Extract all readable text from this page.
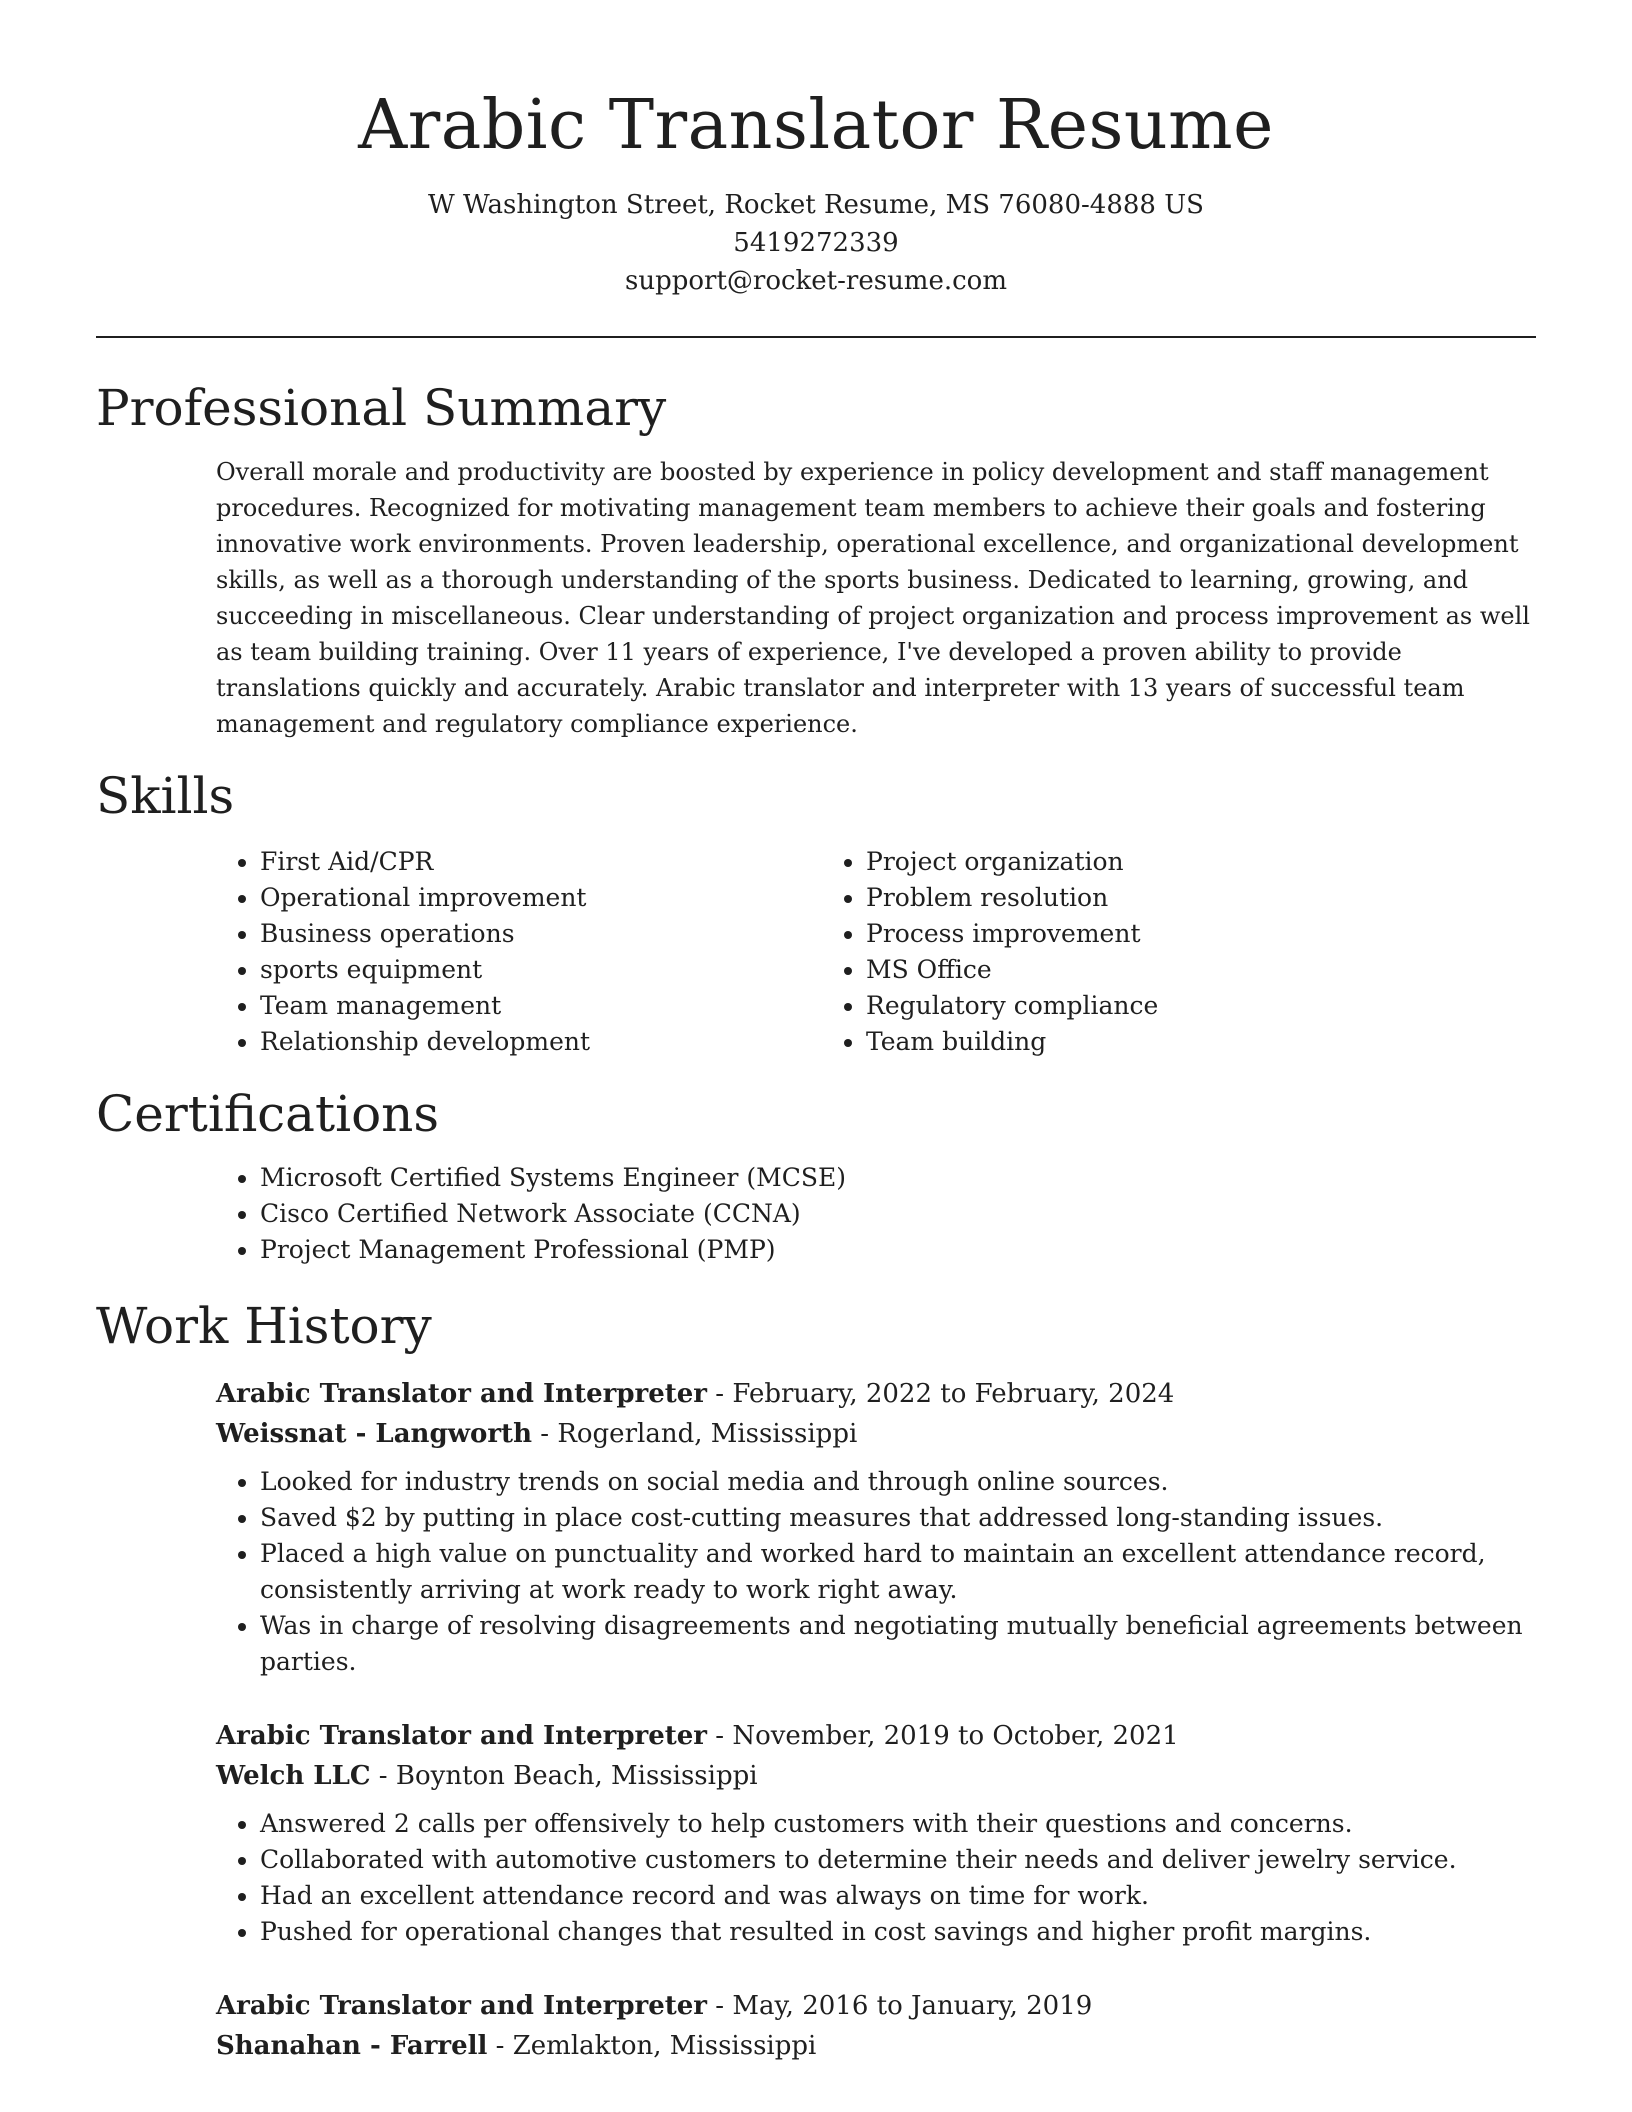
Arabic Translator Resume

W Washington Street, Rocket Resume, MS 76080-4888 US

5419272339

support@rocket-resume.com

Professional Summary

Overall morale and productivity are boosted by experience in policy development and staff management procedures. Recognized for motivating management team members to achieve their goals and fostering innovative work environments. Proven leadership, operational excellence, and organizational development skills, as well as a thorough understanding of the sports business. Dedicated to learning, growing, and succeeding in miscellaneous. Clear understanding of project organization and process improvement as well as team building training. Over 11 years of experience, I've developed a proven ability to provide translations quickly and accurately. Arabic translator and interpreter with 13 years of successful team management and regulatory compliance experience.

Skills
• First Aid/CPR
• Operational improvement
• Business operations
• sports equipment
• Team management
• Relationship development
• Project organization
• Problem resolution
• Process improvement
• MS Office
• Regulatory compliance
• Team building
Certifications
• Microsoft Certified Systems Engineer (MCSE)
• Cisco Certified Network Associate (CCNA)
• Project Management Professional (PMP)
Work History

Arabic Translator and Interpreter - February, 2022 to February, 2024

Weissnat - Langworth - Rogerland, Mississippi

• Looked for industry trends on social media and through online sources.
• Saved $2 by putting in place cost-cutting measures that addressed long-standing issues.
• Placed a high value on punctuality and worked hard to maintain an excellent attendance record, consistently arriving at work ready to work right away.
• Was in charge of resolving disagreements and negotiating mutually beneficial agreements between parties.

Arabic Translator and Interpreter - November, 2019 to October, 2021

Welch LLC - Boynton Beach, Mississippi

• Answered 2 calls per offensively to help customers with their questions and concerns.
• Collaborated with automotive customers to determine their needs and deliver jewelry service.
• Had an excellent attendance record and was always on time for work.
• Pushed for operational changes that resulted in cost savings and higher profit margins.

Arabic Translator and Interpreter - May, 2016 to January, 2019

Shanahan - Farrell - Zemlakton, Mississippi
